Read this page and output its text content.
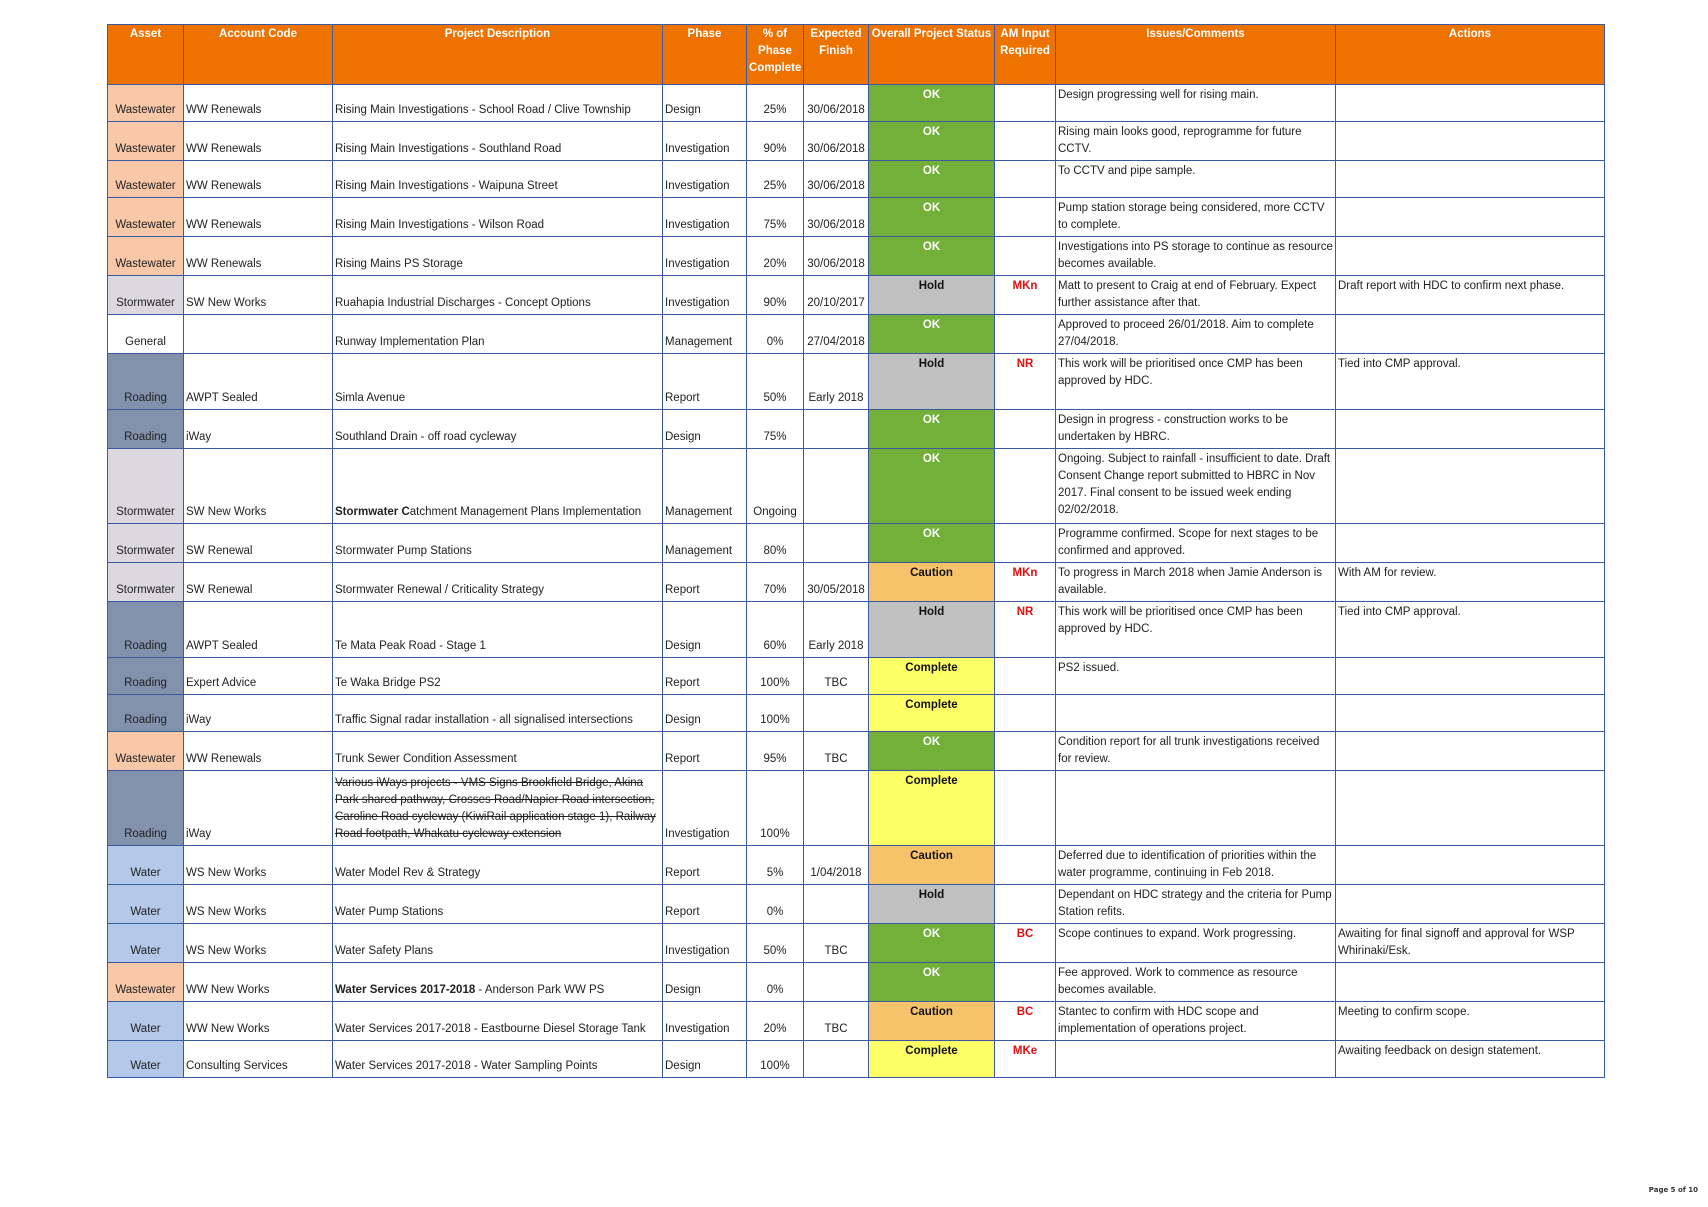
Asset	Account Code	Project Description	Phase	% of Phase Complete	Expected Finish	Overall Project Status	AM Input Required	Issues/Comments	Actions
Wastewater	WW Renewals	Rising Main Investigations - School Road / Clive Township	Design	25%	30/06/2018	OK		Design progressing well for rising main.	
Wastewater	WW Renewals	Rising Main Investigations - Southland Road	Investigation	90%	30/06/2018	OK		Rising main looks good, reprogramme for future CCTV.	
Wastewater	WW Renewals	Rising Main Investigations - Waipuna Street	Investigation	25%	30/06/2018	OK		To CCTV and pipe sample.	
Wastewater	WW Renewals	Rising Main Investigations - Wilson Road	Investigation	75%	30/06/2018	OK		Pump station storage being considered, more CCTV to complete.	
Wastewater	WW Renewals	Rising Mains PS Storage	Investigation	20%	30/06/2018	OK		Investigations into PS storage to continue as resource becomes available.	
Stormwater	SW New Works	Ruahapia Industrial Discharges - Concept Options	Investigation	90%	20/10/2017	Hold	MKn	Matt to present to Craig at end of February. Expect further assistance after that.	Draft report with HDC to confirm next phase.
General		Runway Implementation Plan	Management	0%	27/04/2018	OK		Approved to proceed 26/01/2018. Aim to complete 27/04/2018.	
Roading	AWPT Sealed	Simla Avenue	Report	50%	Early 2018	Hold	NR	This work will be prioritised once CMP has been approved by HDC.	Tied into CMP approval.
Roading	iWay	Southland Drain - off road cycleway	Design	75%		OK		Design in progress - construction works to be undertaken by HBRC.	
Stormwater	SW New Works	Stormwater Catchment Management Plans Implementation	Management	Ongoing		OK		Ongoing. Subject to rainfall - insufficient to date. Draft Consent Change report submitted to HBRC in Nov 2017. Final consent to be issued week ending 02/02/2018.	
Stormwater	SW Renewal	Stormwater Pump Stations	Management	80%		OK		Programme confirmed. Scope for next stages to be confirmed and approved.	
Stormwater	SW Renewal	Stormwater Renewal / Criticality Strategy	Report	70%	30/05/2018	Caution	MKn	To progress in March 2018 when Jamie Anderson is available.	With AM for review.
Roading	AWPT Sealed	Te Mata Peak Road - Stage 1	Design	60%	Early 2018	Hold	NR	This work will be prioritised once CMP has been approved by HDC.	Tied into CMP approval.
Roading	Expert Advice	Te Waka Bridge PS2	Report	100%	TBC	Complete		PS2 issued.	
Roading	iWay	Traffic Signal radar installation - all signalised intersections	Design	100%		Complete			
Wastewater	WW Renewals	Trunk Sewer Condition Assessment	Report	95%	TBC	OK		Condition report for all trunk investigations received for review.	
Roading	iWay	Various iWays projects - VMS Signs Brookfield Bridge, Akina Park shared pathway, Crosses Road/Napier Road intersection, Caroline Road cycleway (KiwiRail application stage 1), Railway Road footpath, Whakatu cycleway extension	Investigation	100%		Complete			
Water	WS New Works	Water Model Rev & Strategy	Report	5%	1/04/2018	Caution		Deferred due to identification of priorities within the water programme, continuing in Feb 2018.	
Water	WS New Works	Water Pump Stations	Report	0%		Hold		Dependant on HDC strategy and the criteria for Pump Station refits.	
Water	WS New Works	Water Safety Plans	Investigation	50%	TBC	OK	BC	Scope continues to expand. Work progressing.	Awaiting for final signoff and approval for WSP Whirinaki/Esk.
Wastewater	WW New Works	Water Services 2017-2018 - Anderson Park WW PS	Design	0%		OK		Fee approved. Work to commence as resource becomes available.	
Water	WW New Works	Water Services 2017-2018 - Eastbourne Diesel Storage Tank	Investigation	20%	TBC	Caution	BC	Stantec to confirm with HDC scope and implementation of operations project.	Meeting to confirm scope.
Water	Consulting Services	Water Services 2017-2018 - Water Sampling Points	Design	100%		Complete	MKe		Awaiting feedback on design statement.
Page 5 of 10
